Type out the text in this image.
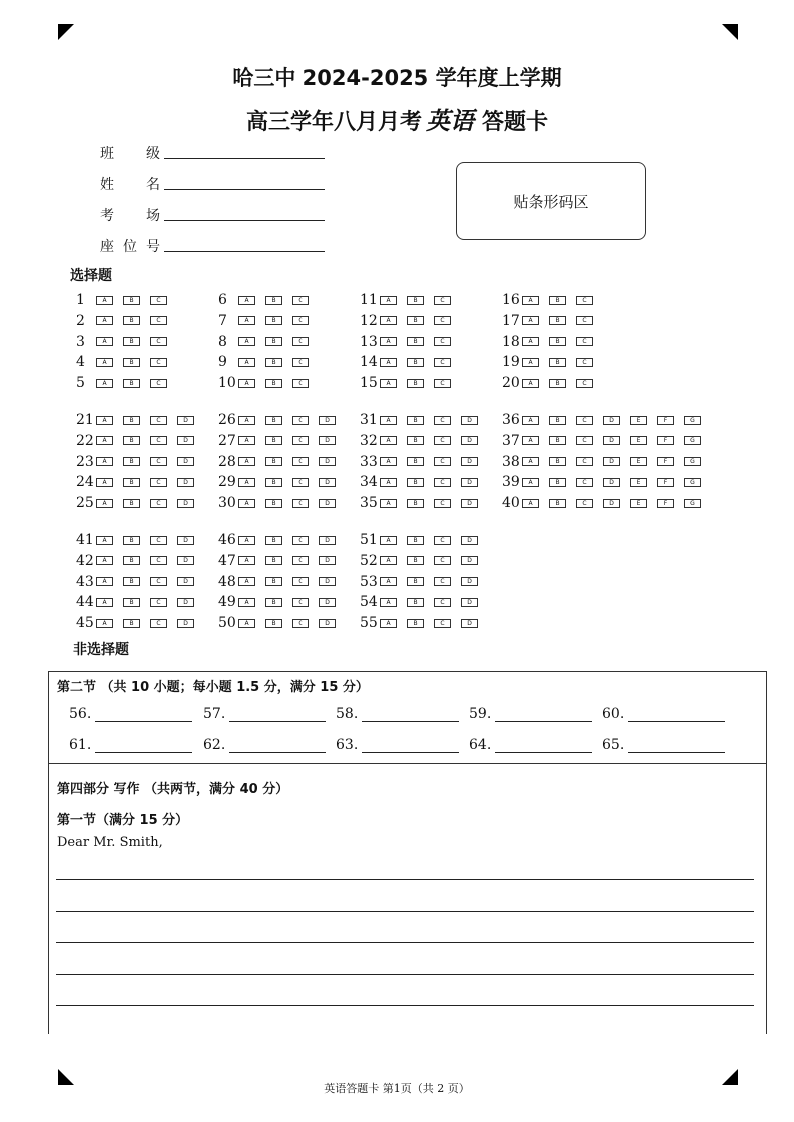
哈三中 2024-2025 学年度上学期
高三学年八月月考 英语 答题卡
班级
姓名
考场
座位号
贴条形码区
选择题
1	A	B	C
2	A	B	C
3	A	B	C
4	A	B	C
5	A	B	C
6	A	B	C
7	A	B	C
8	A	B	C
9	A	B	C
10	A	B	C
11	A	B	C
12	A	B	C
13	A	B	C
14	A	B	C
15	A	B	C
16	A	B	C
17	A	B	C
18	A	B	C
19	A	B	C
20	A	B	C
21	A	B	C	D
22	A	B	C	D
23	A	B	C	D
24	A	B	C	D
25	A	B	C	D
26	A	B	C	D
27	A	B	C	D
28	A	B	C	D
29	A	B	C	D
30	A	B	C	D
31	A	B	C	D
32	A	B	C	D
33	A	B	C	D
34	A	B	C	D
35	A	B	C	D
36	A	B	C	D	E	F	G
37	A	B	C	D	E	F	G
38	A	B	C	D	E	F	G
39	A	B	C	D	E	F	G
40	A	B	C	D	E	F	G
41	A	B	C	D
42	A	B	C	D
43	A	B	C	D
44	A	B	C	D
45	A	B	C	D
46	A	B	C	D
47	A	B	C	D
48	A	B	C	D
49	A	B	C	D
50	A	B	C	D
51	A	B	C	D
52	A	B	C	D
53	A	B	C	D
54	A	B	C	D
55	A	B	C	D
非选择题
第二节 （共 10 小题；每小题 1.5 分，满分 15 分）
56.	57.	58.	59.	60.
61.	62.	63.	64.	65.
第四部分 写作 （共两节，满分 40 分）
第一节（满分 15 分）
Dear Mr. Smith,
英语答题卡 第1页（共 2 页）
